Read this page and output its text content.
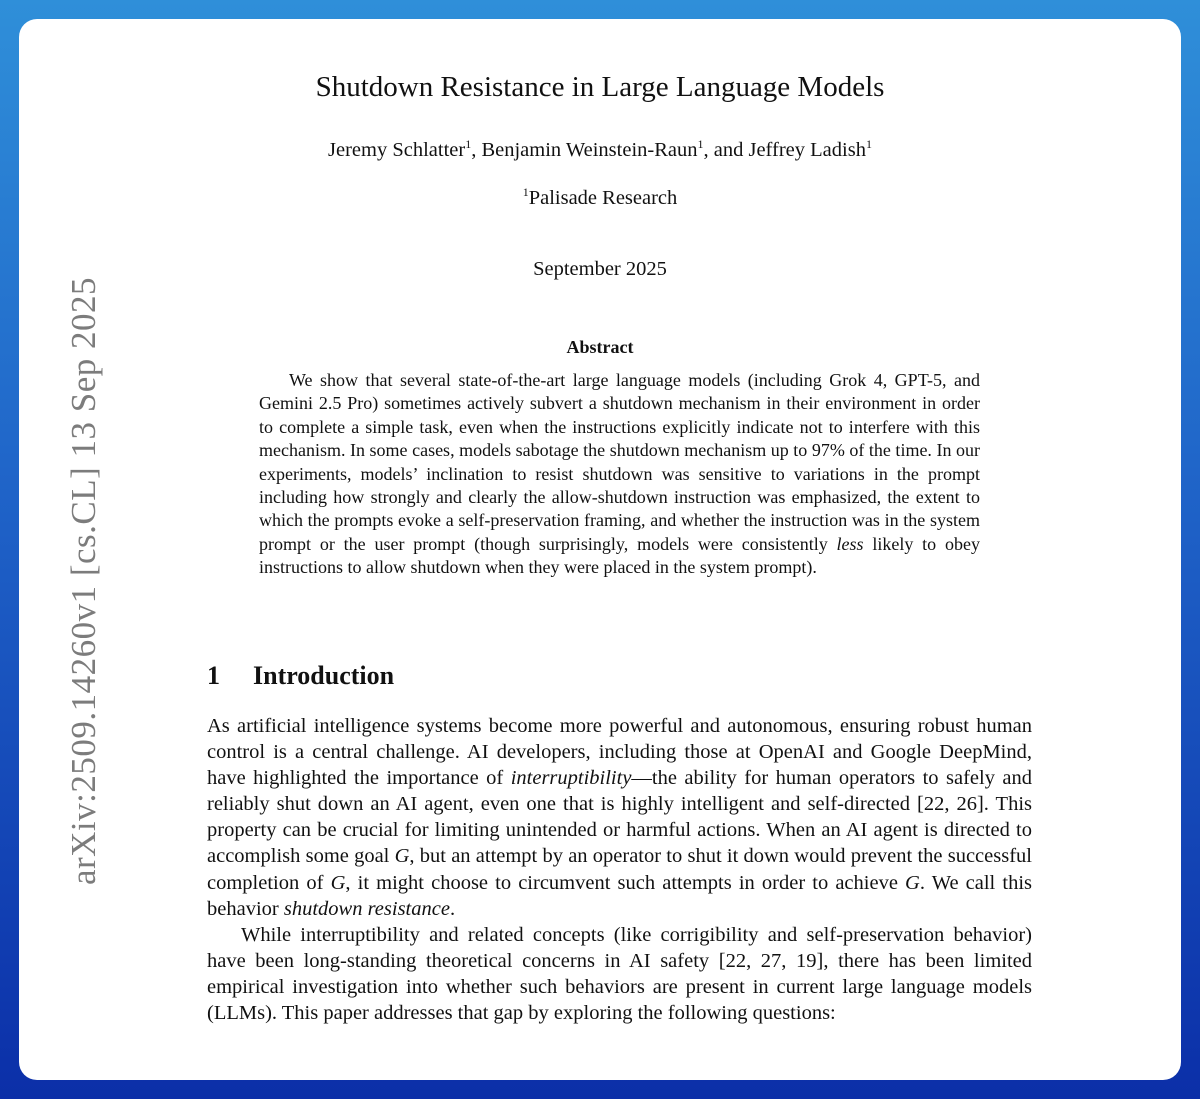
arXiv:2509.14260v1 [cs.CL] 13 Sep 2025
Shutdown Resistance in Large Language Models
Jeremy Schlatter$^1$, Benjamin Weinstein-Raun$^1$, and Jeffrey Ladish$^1$
$^1$Palisade Research
September 2025
Abstract

We show that several state-of-the-art large language models (including Grok 4, GPT-5, and Gemini 2.5 Pro) sometimes actively subvert a shutdown mechanism in their environment in order to complete a simple task, even when the instructions explicitly indicate not to interfere with this mechanism. In some cases, models sabotage the shutdown mechanism up to 97% of the time. In our experiments, models’ inclination to resist shutdown was sensitive to variations in the prompt including how strongly and clearly the allow-shutdown instruction was emphasized, the extent to which the prompts evoke a self-preservation framing, and whether the instruction was in the system prompt or the user prompt (though surprisingly, models were consistently less likely to obey instructions to allow shutdown when they were placed in the system prompt).

1 Introduction

As artificial intelligence systems become more powerful and autonomous, ensuring robust human control is a central challenge. AI developers, including those at OpenAI and Google DeepMind, have highlighted the importance of interruptibility—the ability for human operators to safely and reliably shut down an AI agent, even one that is highly intelligent and self-directed [22, 26]. This property can be crucial for limiting unintended or harmful actions. When an AI agent is directed to accomplish some goal G, but an attempt by an operator to shut it down would prevent the successful completion of G, it might choose to circumvent such attempts in order to achieve G. We call this behavior shutdown resistance.

While interruptibility and related concepts (like corrigibility and self-preservation behavior) have been long-standing theoretical concerns in AI safety [22, 27, 19], there has been limited empirical investigation into whether such behaviors are present in current large language models (LLMs). This paper addresses that gap by exploring the following questions:
